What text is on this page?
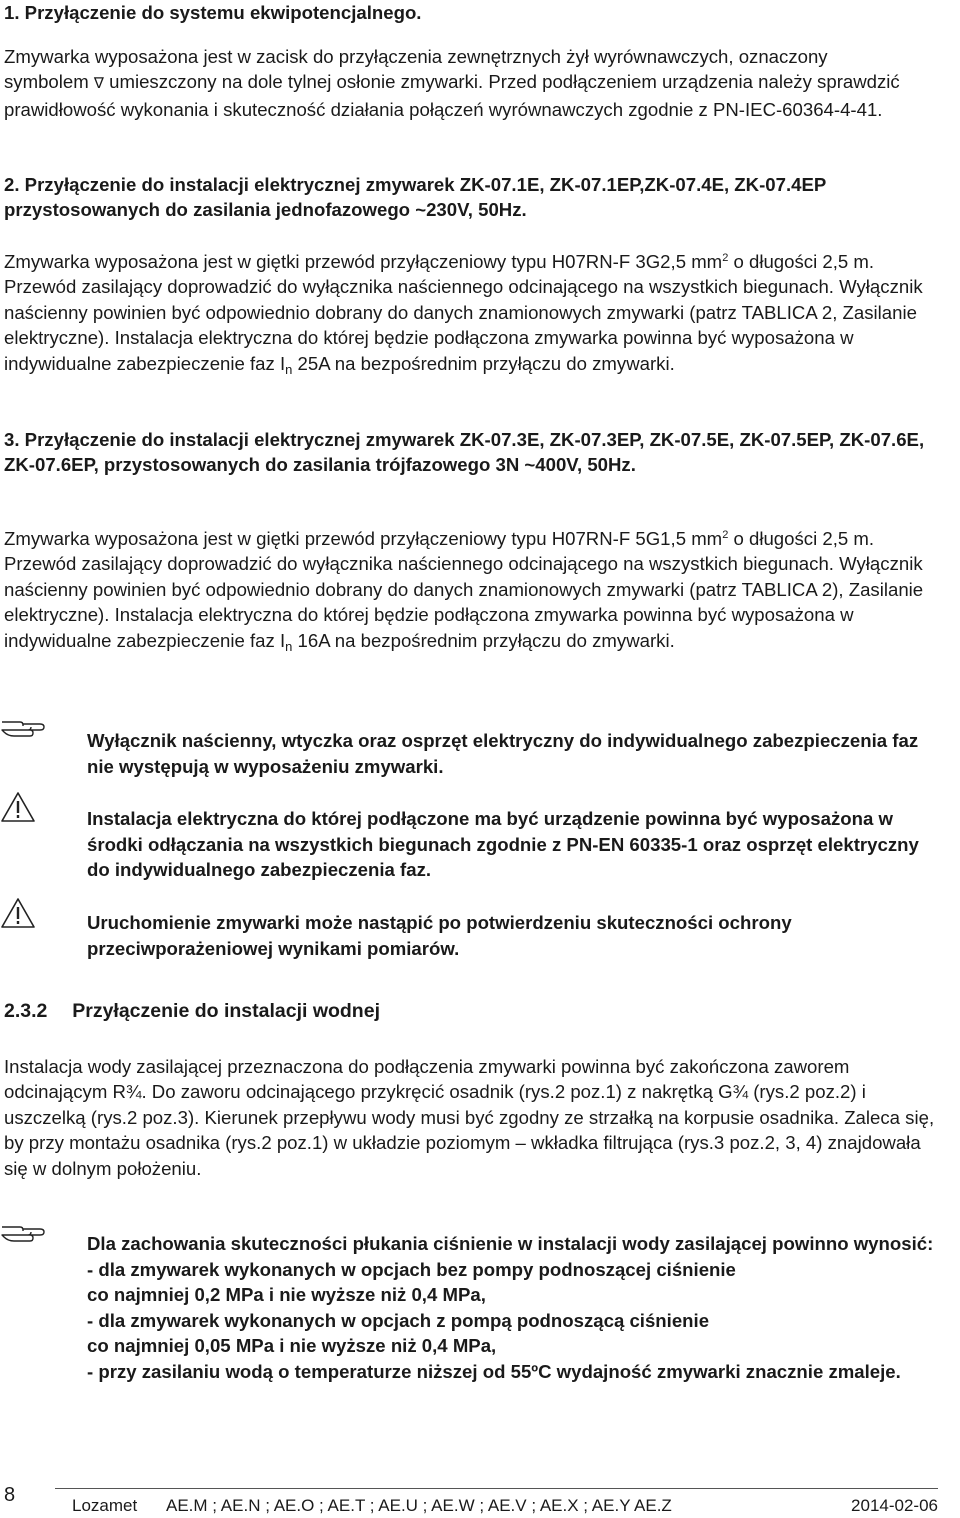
1. Przyłączenie do systemu ekwipotencjalnego.
Zmywarka wyposażona jest w zacisk do przyłączenia zewnętrznych żył wyrównawczych, oznaczony
symbolem ∇ umieszczony na dole tylnej osłonie zmywarki. Przed podłączeniem urządzenia należy sprawdzić prawidłowość wykonania i skuteczność działania połączeń wyrównawczych zgodnie z PN-IEC-60364-4-41.
2. Przyłączenie do instalacji elektrycznej zmywarek ZK-07.1E, ZK-07.1EP,ZK-07.4E, ZK-07.4EP przystosowanych do zasilania jednofazowego ~230V, 50Hz.
Zmywarka wyposażona jest w giętki przewód przyłączeniowy typu H07RN-F 3G2,5 $mm^2$ o długości 2,5 m. Przewód zasilający doprowadzić do wyłącznika naściennego odcinającego na wszystkich biegunach. Wyłącznik naścienny powinien być odpowiednio dobrany do danych znamionowych zmywarki (patrz TABLICA 2, Zasilanie elektryczne). Instalacja elektryczna do której będzie podłączona zmywarka powinna być wyposażona w indywidualne zabezpieczenie faz $I_n$ 25A na bezpośrednim przyłączu do zmywarki.
3. Przyłączenie do instalacji elektrycznej zmywarek ZK-07.3E, ZK-07.3EP, ZK-07.5E, ZK-07.5EP, ZK-07.6E, ZK-07.6EP, przystosowanych do zasilania trójfazowego 3N ~400V, 50Hz.
Zmywarka wyposażona jest w giętki przewód przyłączeniowy typu H07RN-F 5G1,5 $mm^2$ o długości 2,5 m. Przewód zasilający doprowadzić do wyłącznika naściennego odcinającego na wszystkich biegunach. Wyłącznik naścienny powinien być odpowiednio dobrany do danych znamionowych zmywarki (patrz TABLICA 2), Zasilanie elektryczne). Instalacja elektryczna do której będzie podłączona zmywarka powinna być wyposażona w indywidualne zabezpieczenie faz $I_n$ 16A na bezpośrednim przyłączu do zmywarki.
Wyłącznik naścienny, wtyczka oraz osprzęt elektryczny do indywidualnego zabezpieczenia faz nie występują w wyposażeniu zmywarki.
Instalacja elektryczna do której podłączone ma być urządzenie powinna być wyposażona w środki odłączania na wszystkich biegunach zgodnie z PN-EN 60335-1 oraz osprzęt elektryczny do indywidualnego zabezpieczenia faz.
Uruchomienie zmywarki może nastąpić po potwierdzeniu skuteczności ochrony przeciwporażeniowej wynikami pomiarów.
2.3.2 Przyłączenie do instalacji wodnej
Instalacja wody zasilającej przeznaczona do podłączenia zmywarki powinna być zakończona zaworem odcinającym R¾. Do zaworu odcinającego przykręcić osadnik (rys.2 poz.1) z nakrętką G¾ (rys.2 poz.2) i uszczelką (rys.2 poz.3). Kierunek przepływu wody musi być zgodny ze strzałką na korpusie osadnika. Zaleca się, by przy montażu osadnika (rys.2 poz.1) w układzie poziomym – wkładka filtrująca (rys.3 poz.2, 3, 4) znajdowała się w dolnym położeniu.
Dla zachowania skuteczności płukania ciśnienie w instalacji wody zasilającej powinno wynosić:
- dla zmywarek wykonanych w opcjach bez pompy podnoszącej ciśnienie
co najmniej 0,2 MPa i nie wyższe niż 0,4 MPa,
- dla zmywarek wykonanych w opcjach z pompą podnoszącą ciśnienie
co najmniej 0,05 MPa i nie wyższe niż 0,4 MPa,
- przy zasilaniu wodą o temperaturze niższej od 55ºC wydajność zmywarki znacznie zmaleje.
8	Lozamet AE.M ; AE.N ; AE.O ; AE.T ; AE.U ; AE.W ; AE.V ; AE.X ; AE.Y AE.Z	2014-02-06
